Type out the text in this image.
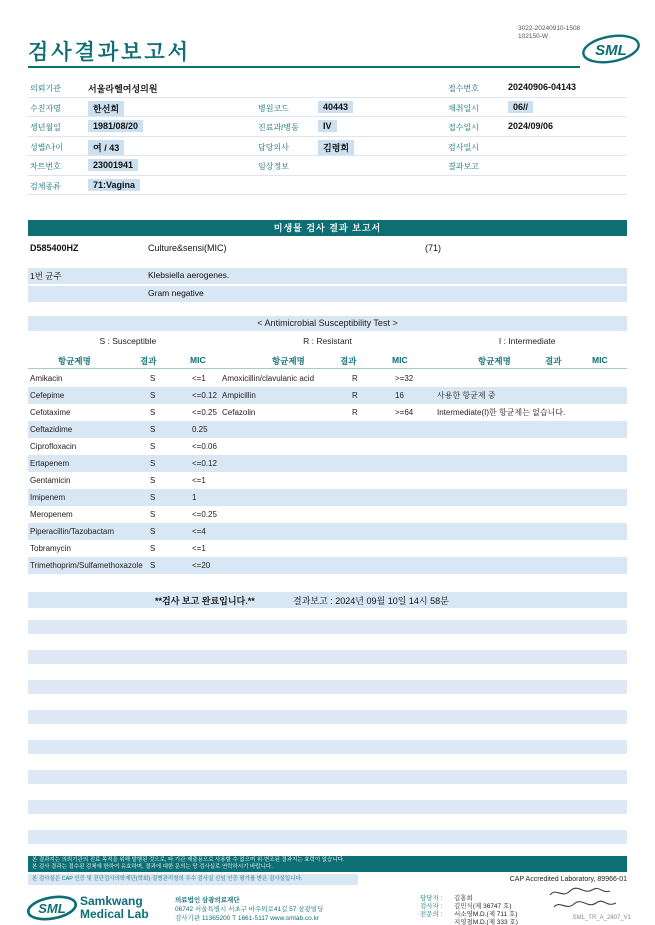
3022-20240910-1508
102150-W
검사결과보고서	SML
의뢰기관	서울라헬여성의원	접수번호	20240906-04143
수진자명	한선희	병원코드	40443	채취일시	06//
생년월일	1981/08/20	진료과/병동	IV	접수일시	2024/09/06
성별/나이	여 / 43	담당의사	김령희	검사일시
차트번호	23001941	임상정보	결과보고
검체종류	71:Vagina
미생물 검사 결과 보고서
D585400HZ	Culture&sensi(MIC)	(71)
1번 균주	Klebsiella aerogenes.
Gram negative
< Antimicrobial Susceptibility Test >
S : Susceptible	R : Resistant	I : Intermediate
항균제명	결과	MIC	항균제명	결과	MIC	항균제명	결과	MIC
Amikacin	S	<=1	Amoxicillin/clavulanic acid	R	>=32
Cefepime	S	<=0.12 Ampicillin	R	16	사용한 항균제 중
Cefotaxime	S	<=0.25 Cefazolin	R	>=64	Intermediate(I)한 항균제는 없습니다.
Ceftazidime	S	0.25
Ciprofloxacin	S	<=0.06
Ertapenem	S	<=0.12
Gentamicin	S	<=1
Imipenem	S	1
Meropenem	S	<=0.25
Piperacillin/Tazobactam	S	<=4
Tobramycin	S	<=1
Trimethoprim/Sulfamethoxazole S	<=20
**검사 보고 완료입니다.**	결과보고 : 2024년 09월 10일 14시 58분
본 결과지는 의뢰기관의 진료 목적을 위해 발행된 것으로, 타 기관 제출용으로 사용할 수 없으며 위·변조된 결과지는 효력이 없습니다.
본 검사 결과는 접수된 검체에 한하여 유효하며, 결과에 대한 문의는 당 검사실로 연락하시기 바랍니다.
본 검사실은 CAP 인증 및 진단검사의학재단(학회)·질병관리청의 우수 검사실 신임 인증 평가를 받은 검사실입니다.	CAP Accredited Laboratory, 89966-01
SML Samkwang
Medical Lab
의료법인 삼광의료재단
06742 서울특별시 서초구 바우뫼로41길 57 삼광빌딩
검사기관 11365200 T 1661-5117 www.smlab.co.kr
담당자 : 김홍희
검사자 : 김민식(제 36747 호)
전문의 : 서소영M.D.(제 711 호)
지영철M.D.(제 333 호)
SML_TR_A_2407_V1
